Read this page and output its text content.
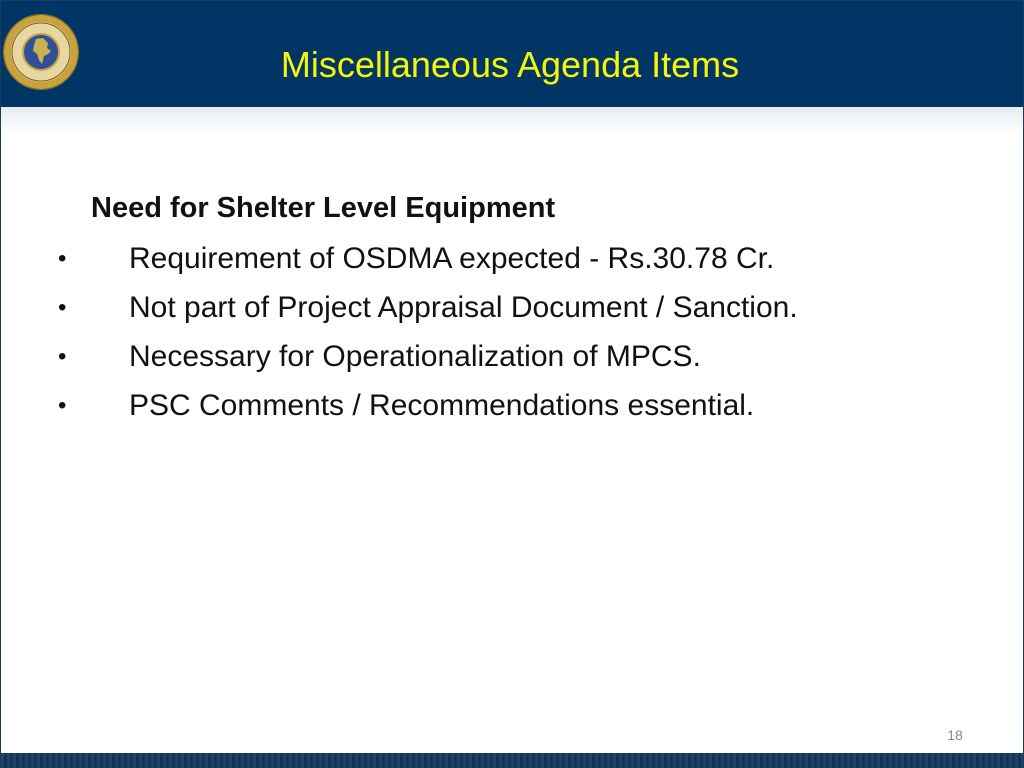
Miscellaneous Agenda Items
Need for Shelter Level Equipment
•	Requirement of OSDMA expected - Rs.30.78 Cr.
•	Not part of Project Appraisal Document / Sanction.
•	Necessary for Operationalization of MPCS.
•	PSC Comments / Recommendations essential.
18
